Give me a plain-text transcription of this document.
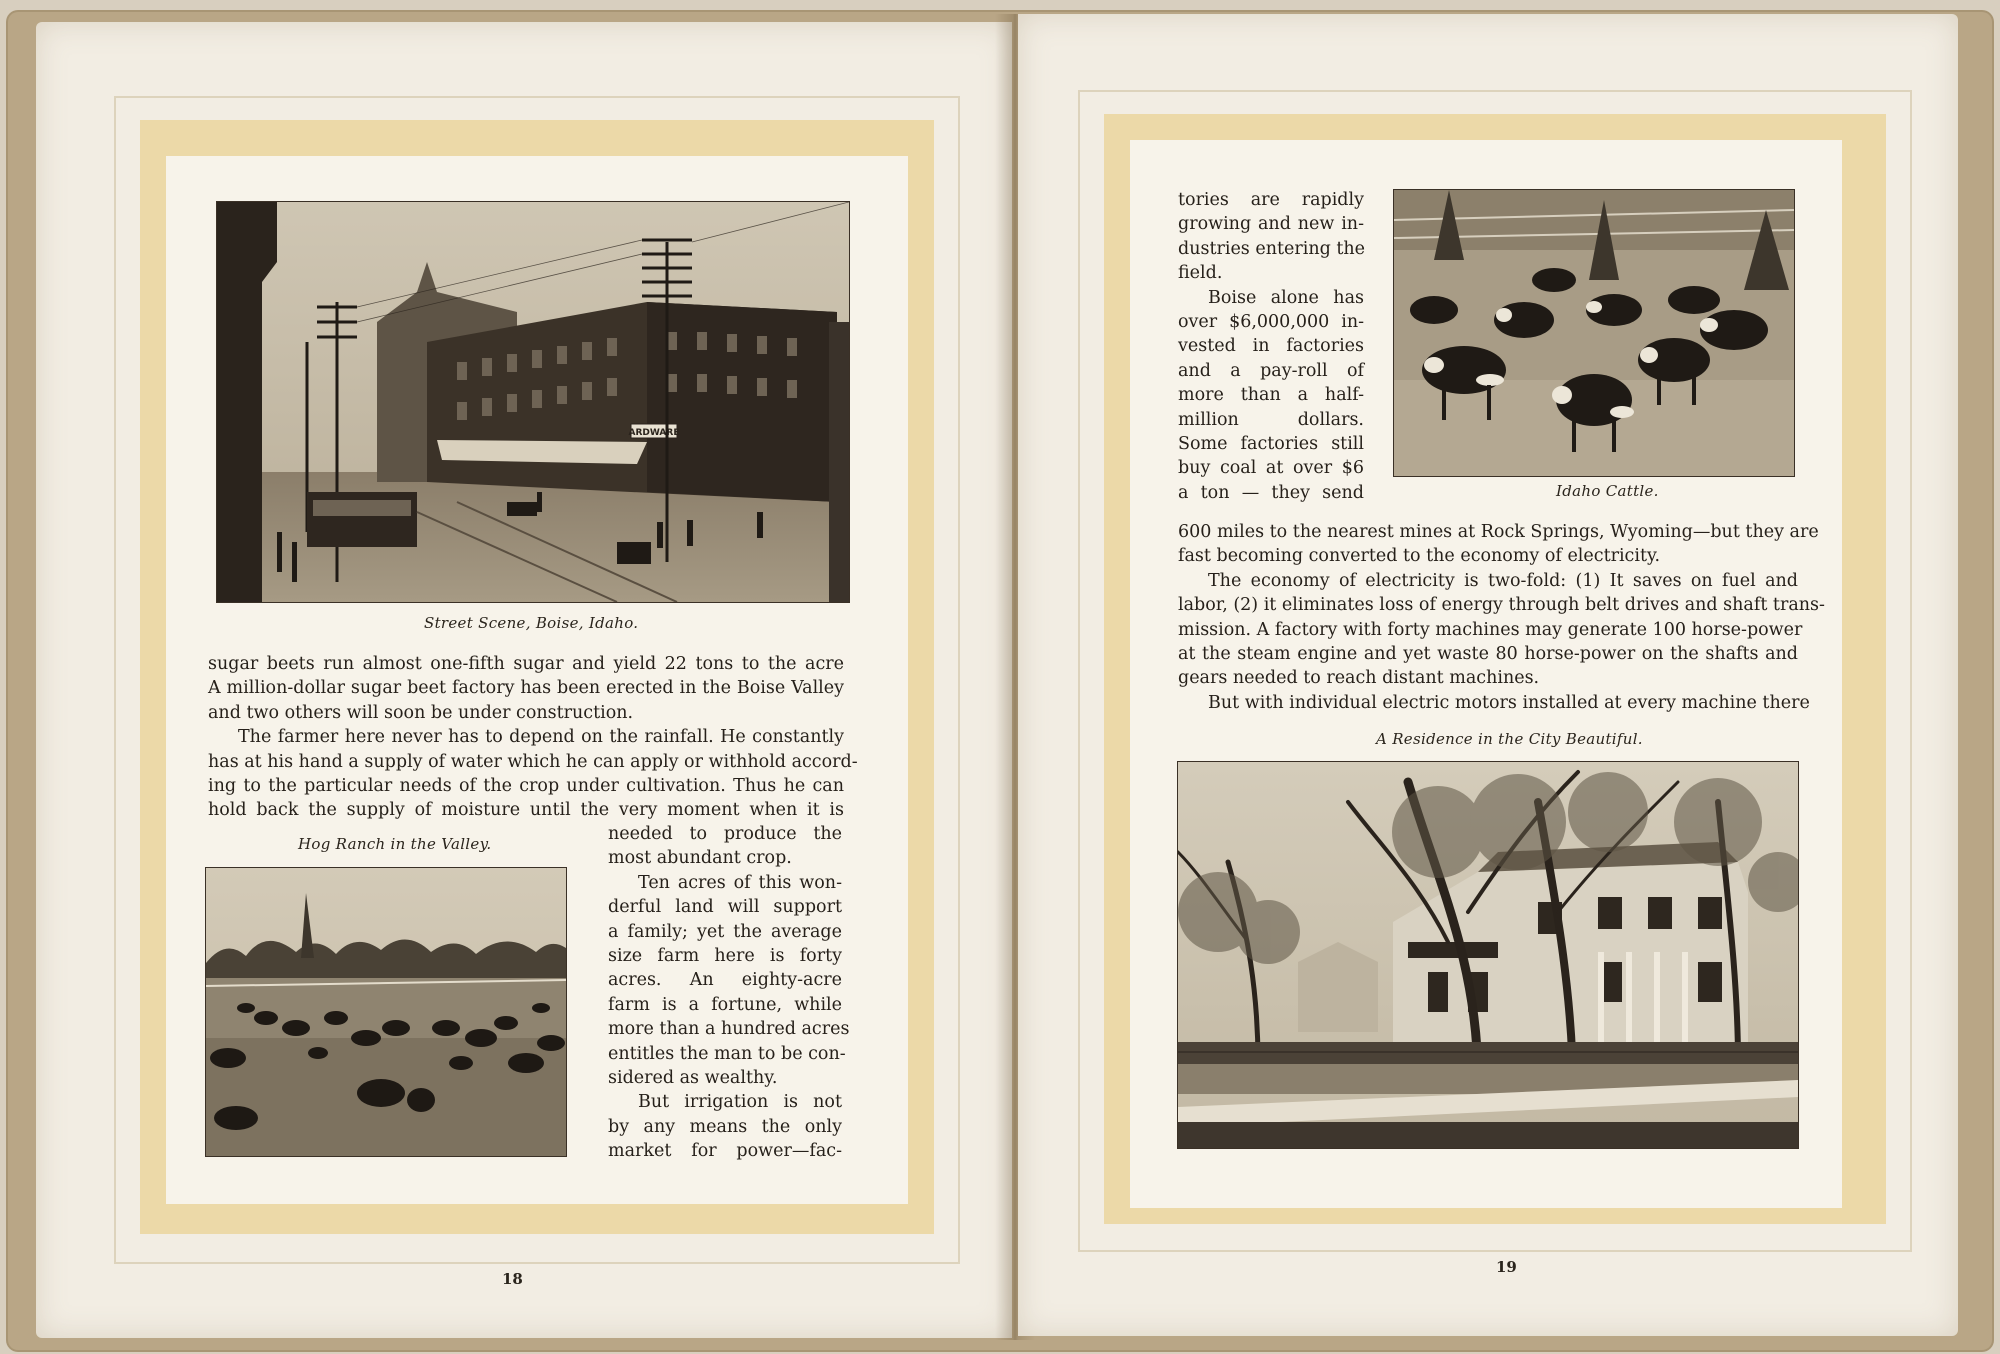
ARDWARE
Street Scene, Boise, Idaho.
sugar beets run almost one-fifth sugar and yield 22 tons to the acre
A million-dollar sugar beet factory has been erected in the Boise Valley
and two others will soon be under construction.
The farmer here never has to depend on the rainfall. He constantly
has at his hand a supply of water which he can apply or withhold accord-
ing to the particular needs of the crop under cultivation. Thus he can
hold back the supply of moisture until the very moment when it is
Hog Ranch in the Valley.	needed to produce the
most abundant crop.
Ten acres of this won-
derful land will support
a family; yet the average
size farm here is forty
acres. An eighty-acre
farm is a fortune, while
more than a hundred acres
entitles the man to be con-
sidered as wealthy.
But irrigation is not
by any means the only
market for power—fac-
18
tories are rapidly
growing and new in-
dustries entering the
field.
Boise alone has
over $6,000,000 in-
vested in factories
and a pay-roll of
more than a half-
million dollars.
Some factories still
buy coal at over $6
a ton — they send	Idaho Cattle.
600 miles to the nearest mines at Rock Springs, Wyoming—but they are
fast becoming converted to the economy of electricity.
The economy of electricity is two-fold: (1) It saves on fuel and
labor, (2) it eliminates loss of energy through belt drives and shaft trans-
mission. A factory with forty machines may generate 100 horse-power
at the steam engine and yet waste 80 horse-power on the shafts and
gears needed to reach distant machines.
But with individual electric motors installed at every machine there
A Residence in the City Beautiful.
19
